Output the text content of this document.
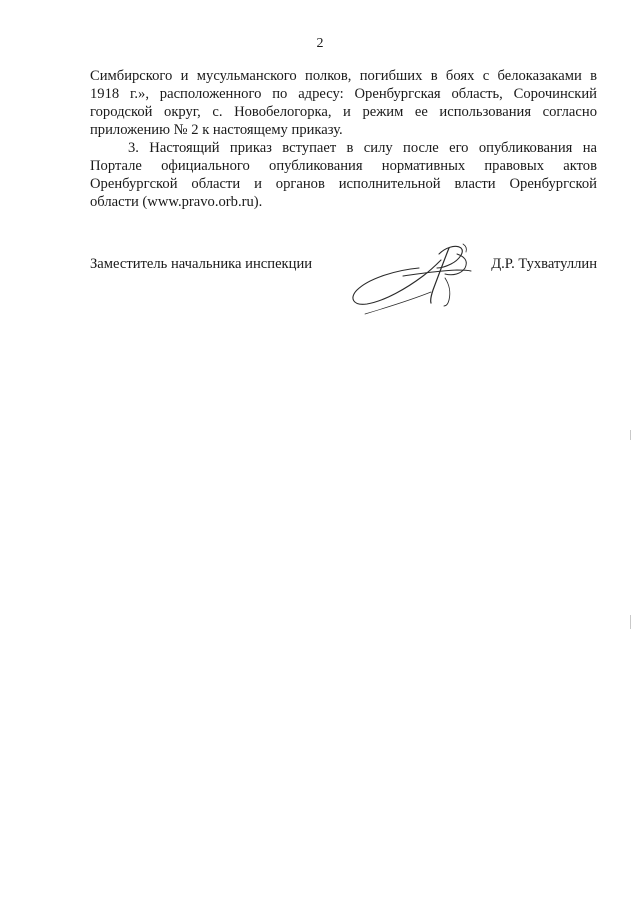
2
Симбирского и мусульманского полков, погибших в боях с белоказаками в
1918 г.», расположенного по адресу: Оренбургская область, Сорочинский
городской округ, с. Новобелогорка, и режим ее использования согласно
приложению № 2 к настоящему приказу.
3. Настоящий приказ вступает в силу после его опубликования на
Портале официального опубликования нормативных правовых актов
Оренбургской области и органов исполнительной власти Оренбургской
области (www.pravo.orb.ru).
Заместитель начальника инспекции	Д.Р. Тухватуллин
